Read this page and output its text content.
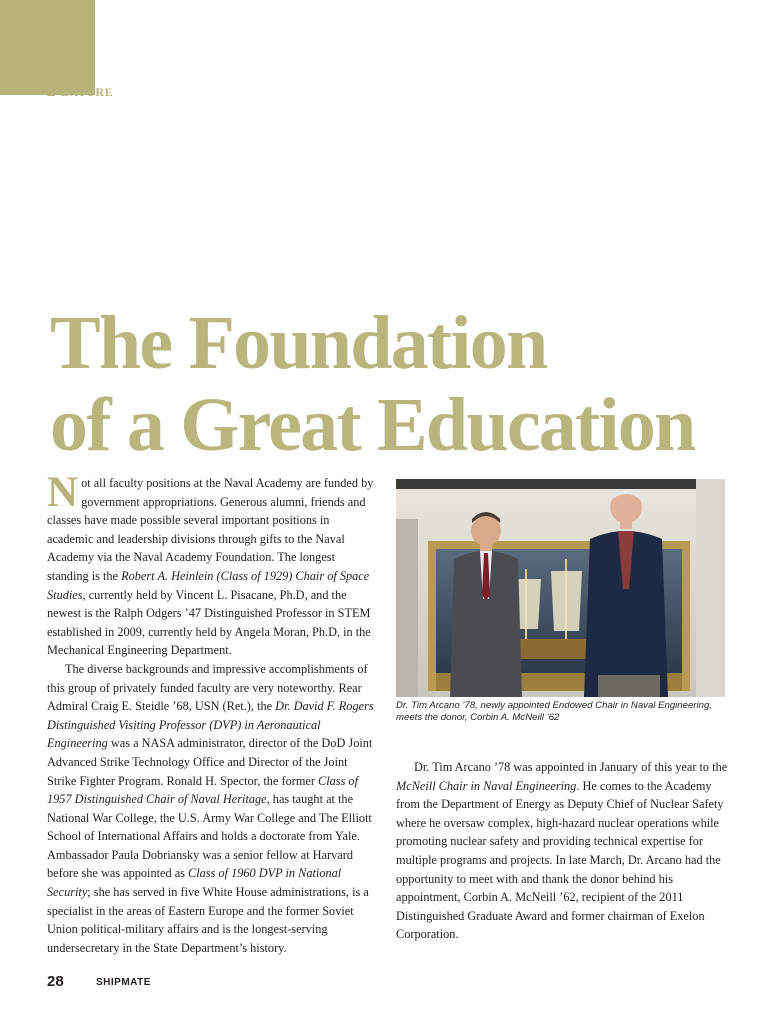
Feature
The Foundation
of a Great Education

Not all faculty positions at the Naval Academy are funded by government appropriations. Generous alumni, friends and classes have made possible several important positions in academic and leadership divisions through gifts to the Naval Academy via the Naval Academy Foundation. The longest standing is the Robert A. Heinlein (Class of 1929) Chair of Space Studies, currently held by Vincent L. Pisacane, Ph.D, and the newest is the Ralph Odgers ’47 Distinguished Professor in STEM established in 2009, currently held by Angela Moran, Ph.D, in the Mechanical Engineering Department.

The diverse backgrounds and impressive accomplishments of this group of privately funded faculty are very noteworthy. Rear Admiral Craig E. Steidle ’68, USN (Ret.), the Dr. David F. Rogers Distinguished Visiting Professor (DVP) in Aeronautical Engineering was a NASA administrator, director of the DoD Joint Advanced Strike Technology Office and Director of the Joint Strike Fighter Program. Ronald H. Spector, the former Class of 1957 Distinguished Chair of Naval Heritage, has taught at the National War College, the U.S. Army War College and The Elliott School of International Affairs and holds a doctorate from Yale. Ambassador Paula Dobriansky was a senior fellow at Harvard before she was appointed as Class of 1960 DVP in National Security; she has served in five White House administrations, is a specialist in the areas of Eastern Europe and the former Soviet Union political-military affairs and is the longest-serving undersecretary in the State Department’s history.

Dr. Tim Arcano ’78, newly appointed Endowed Chair in Naval Engineering, meets the donor, Corbin A. McNeill ’62

Dr. Tim Arcano ’78 was appointed in January of this year to the McNeill Chair in Naval Engineering. He comes to the Academy from the Department of Energy as Deputy Chief of Nuclear Safety where he oversaw complex, high-hazard nuclear operations while promoting nuclear safety and providing technical expertise for multiple programs and projects. In late March, Dr. Arcano had the opportunity to meet with and thank the donor behind his appointment, Corbin A. McNeill ’62, recipient of the 2011 Distinguished Graduate Award and former chairman of Exelon Corporation.

28	SHIPMATE
